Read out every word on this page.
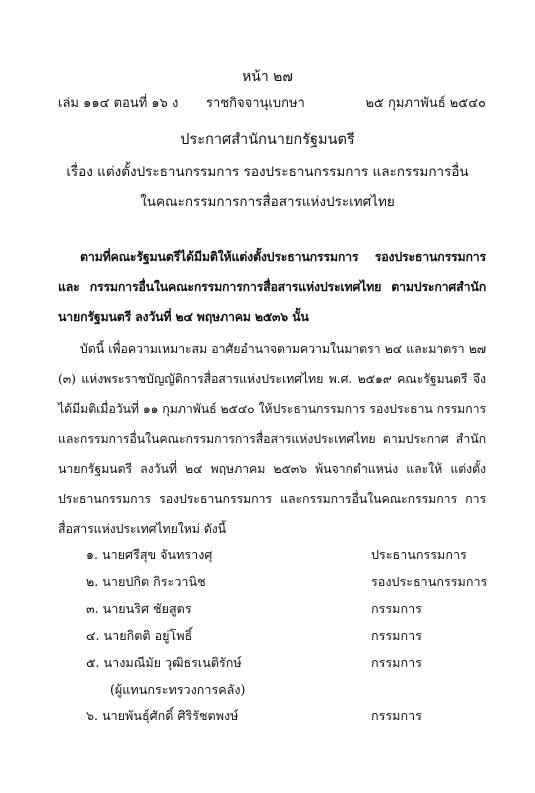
หน้า ๒๗
เล่ม ๑๑๔ ตอนที่ ๑๖ ง ราชกิจจานุเบกษา	๒๕ กุมภาพันธ์ ๒๕๔๐
ประกาศสำนักนายกรัฐมนตรี
เรื่อง แต่งตั้งประธานกรรมการ รองประธานกรรมการ และกรรมการอื่น
ในคณะกรรมการการสื่อสารแห่งประเทศไทย
ตามที่คณะรัฐมนตรีได้มีมติให้แต่งตั้งประธานกรรมการ รองประธานกรรมการ และ กรรมการอื่นในคณะกรรมการการสื่อสารแห่งประเทศไทย ตามประกาศสำนักนายกรัฐมนตรี ลงวันที่ ๒๔ พฤษภาคม ๒๕๓๖ นั้น
บัดนี้ เพื่อความเหมาะสม อาศัยอำนาจตามความในมาตรา ๒๔ และมาตรา ๒๗ (๓) แห่งพระราชบัญญัติการสื่อสารแห่งประเทศไทย พ.ศ. ๒๕๑๙ คณะรัฐมนตรี จึงได้มีมติเมื่อวันที่ ๑๑ กุมภาพันธ์ ๒๕๔๐ ให้ประธานกรรมการ รองประธาน กรรมการ และกรรมการอื่นในคณะกรรมการการสื่อสารแห่งประเทศไทย ตามประกาศ สำนักนายกรัฐมนตรี ลงวันที่ ๒๔ พฤษภาคม ๒๕๓๖ พ้นจากตำแหน่ง และให้ แต่งตั้งประธานกรรมการ รองประธานกรรมการ และกรรมการอื่นในคณะกรรมการ การสื่อสารแห่งประเทศไทยใหม่ ดังนี้
๑. นายศรีสุข จันทรางศุ	ประธานกรรมการ
๒. นายปกิต กิระวานิช	รองประธานกรรมการ
๓. นายนริศ ชัยสูตร	กรรมการ
๔. นายกิตติ อยู่โพธิ์	กรรมการ
๕. นางมณีมัย วุฒิธรเนติรักษ์	กรรมการ
(ผู้แทนกระทรวงการคลัง)
๖. นายพันธุ์ศักดิ์ ศิริรัชตพงษ์	กรรมการ
